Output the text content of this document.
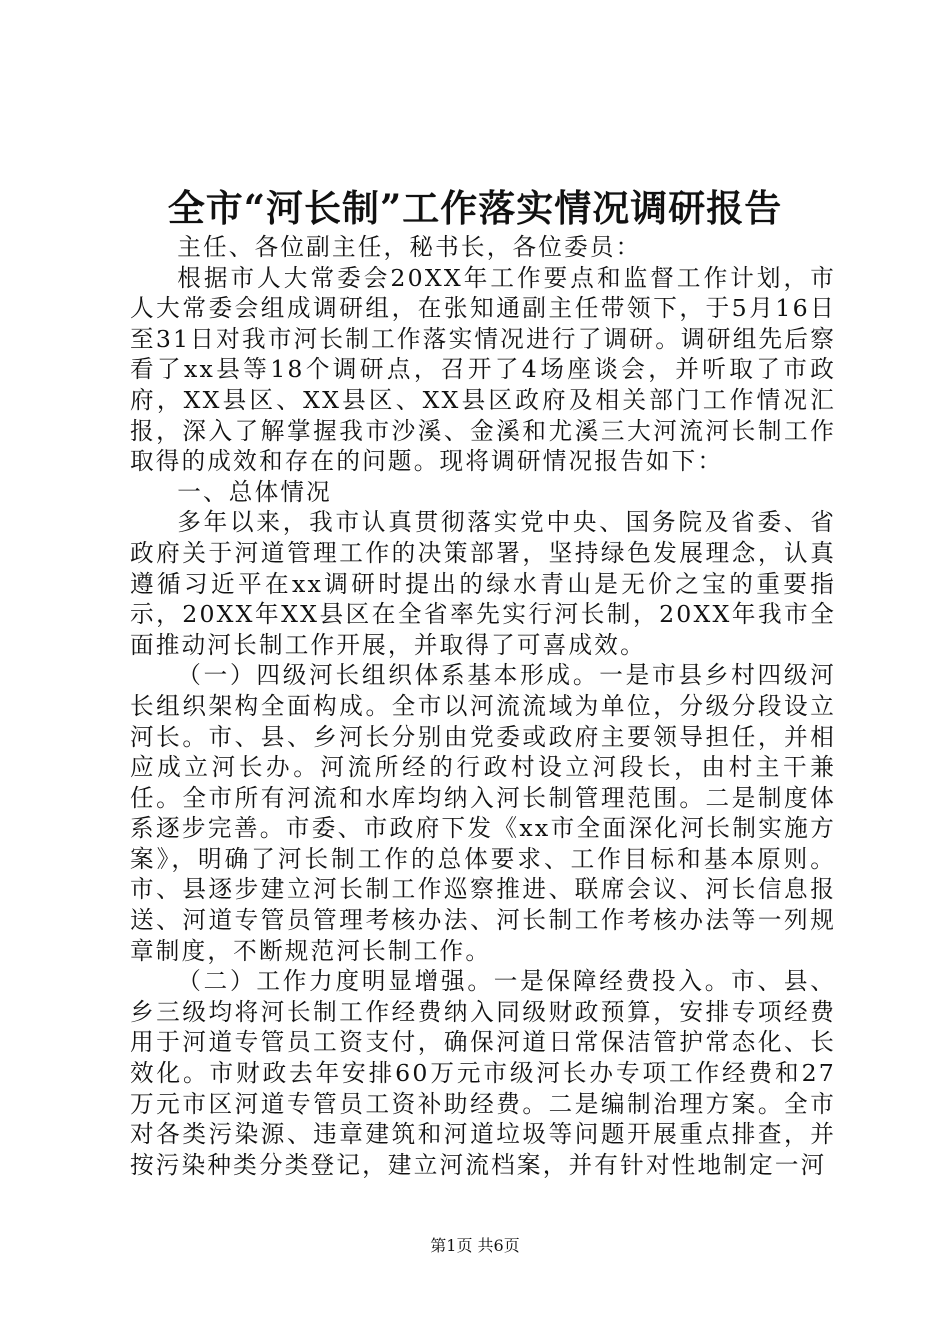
全市“河长制”工作落实情况调研报告

主任、各位副主任，秘书长，各位委员：

根据市人大常委会20XX年工作要点和监督工作计划，市人大常委会组成调研组，在张知通副主任带领下，于5月16日至31日对我市河长制工作落实情况进行了调研。调研组先后察看了xx县等18个调研点，召开了4场座谈会，并听取了市政府，XX县区、XX县区、XX县区政府及相关部门工作情况汇报，深入了解掌握我市沙溪、金溪和尤溪三大河流河长制工作取得的成效和存在的问题。现将调研情况报告如下：

一、总体情况

多年以来，我市认真贯彻落实党中央、国务院及省委、省政府关于河道管理工作的决策部署，坚持绿色发展理念，认真遵循习近平在xx调研时提出的绿水青山是无价之宝的重要指示，20XX年XX县区在全省率先实行河长制，20XX年我市全面推动河长制工作开展，并取得了可喜成效。

（一）四级河长组织体系基本形成。一是市县乡村四级河长组织架构全面构成。全市以河流流域为单位，分级分段设立河长。市、县、乡河长分别由党委或政府主要领导担任，并相应成立河长办。河流所经的行政村设立河段长，由村主干兼任。全市所有河流和水库均纳入河长制管理范围。二是制度体系逐步完善。市委、市政府下发《xx市全面深化河长制实施方案》，明确了河长制工作的总体要求、工作目标和基本原则。市、县逐步建立河长制工作巡察推进、联席会议、河长信息报送、河道专管员管理考核办法、河长制工作考核办法等一列规章制度，不断规范河长制工作。

（二）工作力度明显增强。一是保障经费投入。市、县、乡三级均将河长制工作经费纳入同级财政预算，安排专项经费用于河道专管员工资支付，确保河道日常保洁管护常态化、长效化。市财政去年安排60万元市级河长办专项工作经费和27万元市区河道专管员工资补助经费。二是编制治理方案。全市对各类污染源、违章建筑和河道垃圾等问题开展重点排查，并按污染种类分类登记，建立河流档案，并有针对性地制定一河

第1页 共6页
